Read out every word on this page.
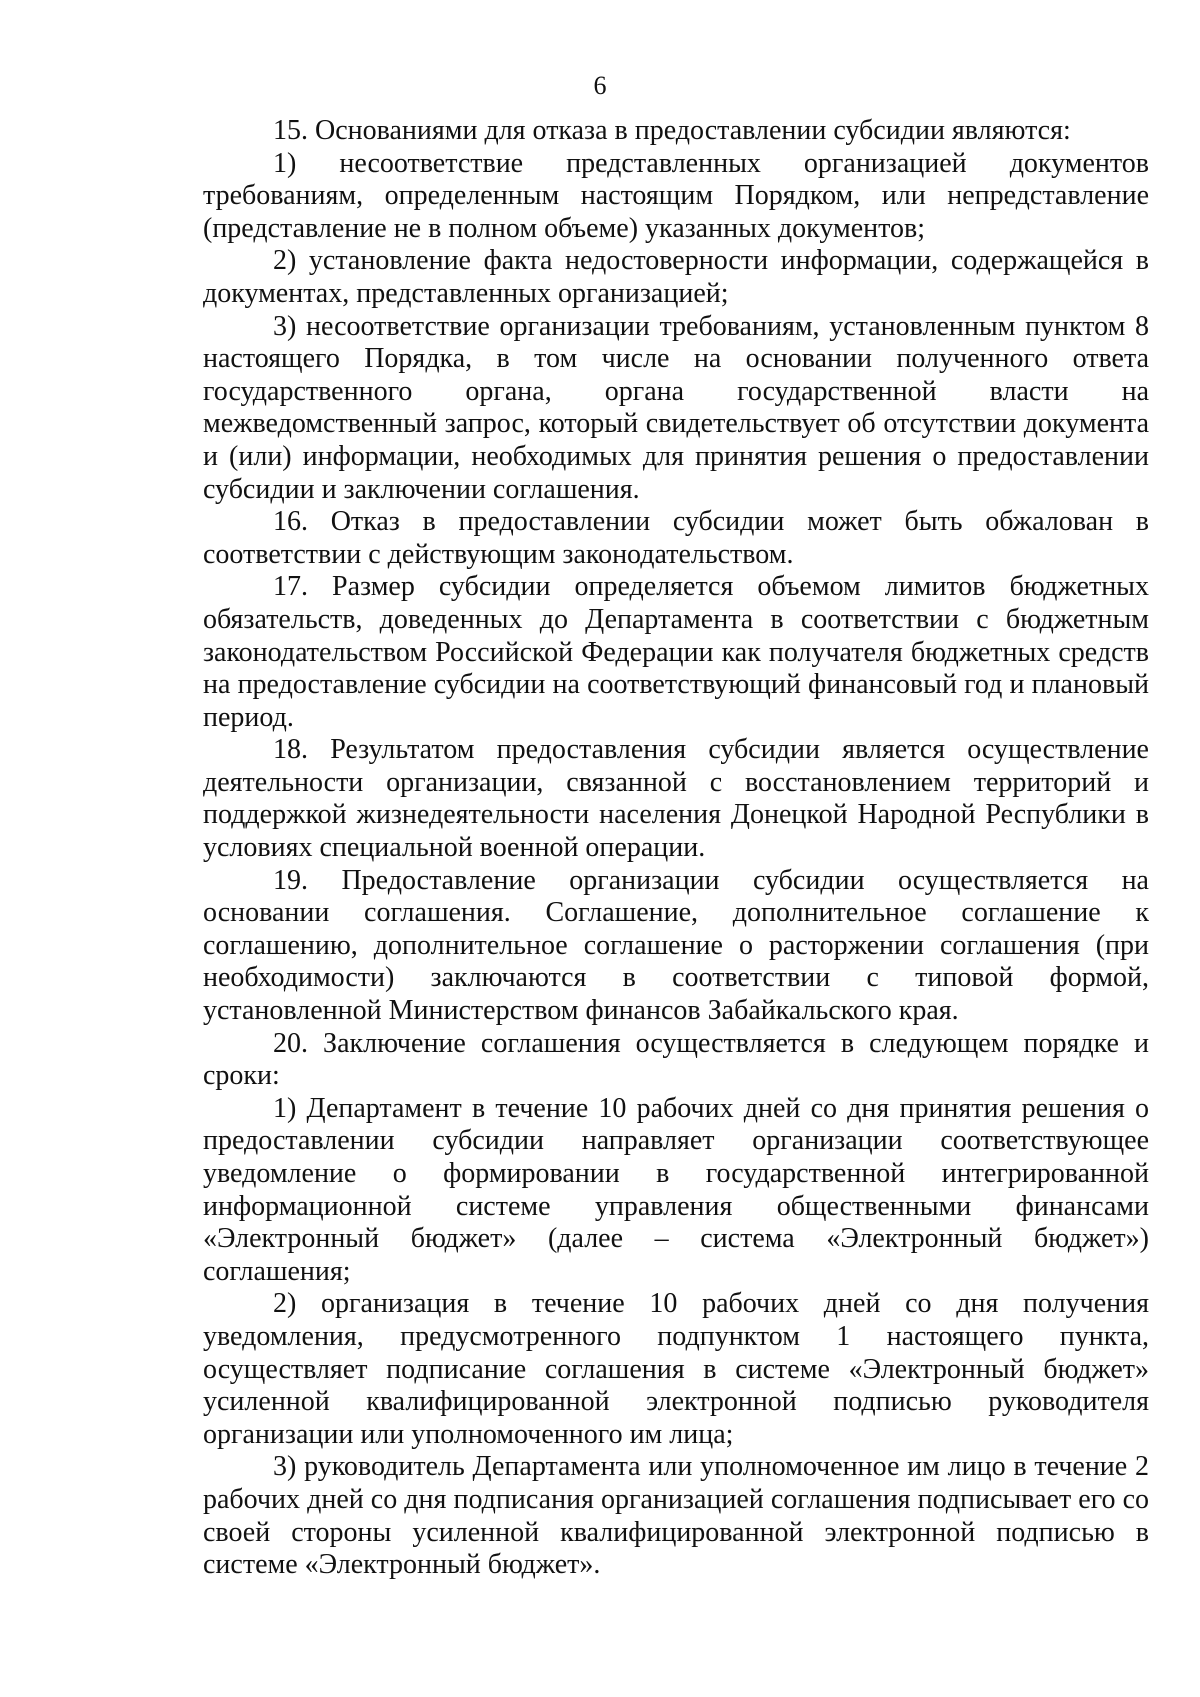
6

15. Основаниями для отказа в предоставлении субсидии являются:

1) несоответствие представленных организацией документов требованиям, определенным настоящим Порядком, или непредставление (представление не в полном объеме) указанных документов;

2) установление факта недостоверности информации, содержащейся в документах, представленных организацией;

3) несоответствие организации требованиям, установленным пунктом 8 настоящего Порядка, в том числе на основании полученного ответа государственного органа, органа государственной власти на межведомственный запрос, который свидетельствует об отсутствии документа и (или) информации, необходимых для принятия решения о предоставлении субсидии и заключении соглашения.

16. Отказ в предоставлении субсидии может быть обжалован в соответствии с действующим законодательством.

17. Размер субсидии определяется объемом лимитов бюджетных обязательств, доведенных до Департамента в соответствии с бюджетным законодательством Российской Федерации как получателя бюджетных средств на предоставление субсидии на соответствующий финансовый год и плановый период.

18. Результатом предоставления субсидии является осуществление деятельности организации, связанной с восстановлением территорий и поддержкой жизнедеятельности населения Донецкой Народной Республики в условиях специальной военной операции.

19. Предоставление организации субсидии осуществляется на основании соглашения. Соглашение, дополнительное соглашение к соглашению, дополнительное соглашение о расторжении соглашения (при необходимости) заключаются в соответствии с типовой формой, установленной Министерством финансов Забайкальского края.

20. Заключение соглашения осуществляется в следующем порядке и сроки:

1) Департамент в течение 10 рабочих дней со дня принятия решения о предоставлении субсидии направляет организации соответствующее уведомление о формировании в государственной интегрированной информационной системе управления общественными финансами «Электронный бюджет» (далее – система «Электронный бюджет») соглашения;

2) организация в течение 10 рабочих дней со дня получения уведомления, предусмотренного подпунктом 1 настоящего пункта, осуществляет подписание соглашения в системе «Электронный бюджет» усиленной квалифицированной электронной подписью руководителя организации или уполномоченного им лица;

3) руководитель Департамента или уполномоченное им лицо в течение 2 рабочих дней со дня подписания организацией соглашения подписывает его со своей стороны усиленной квалифицированной электронной подписью в системе «Электронный бюджет».
